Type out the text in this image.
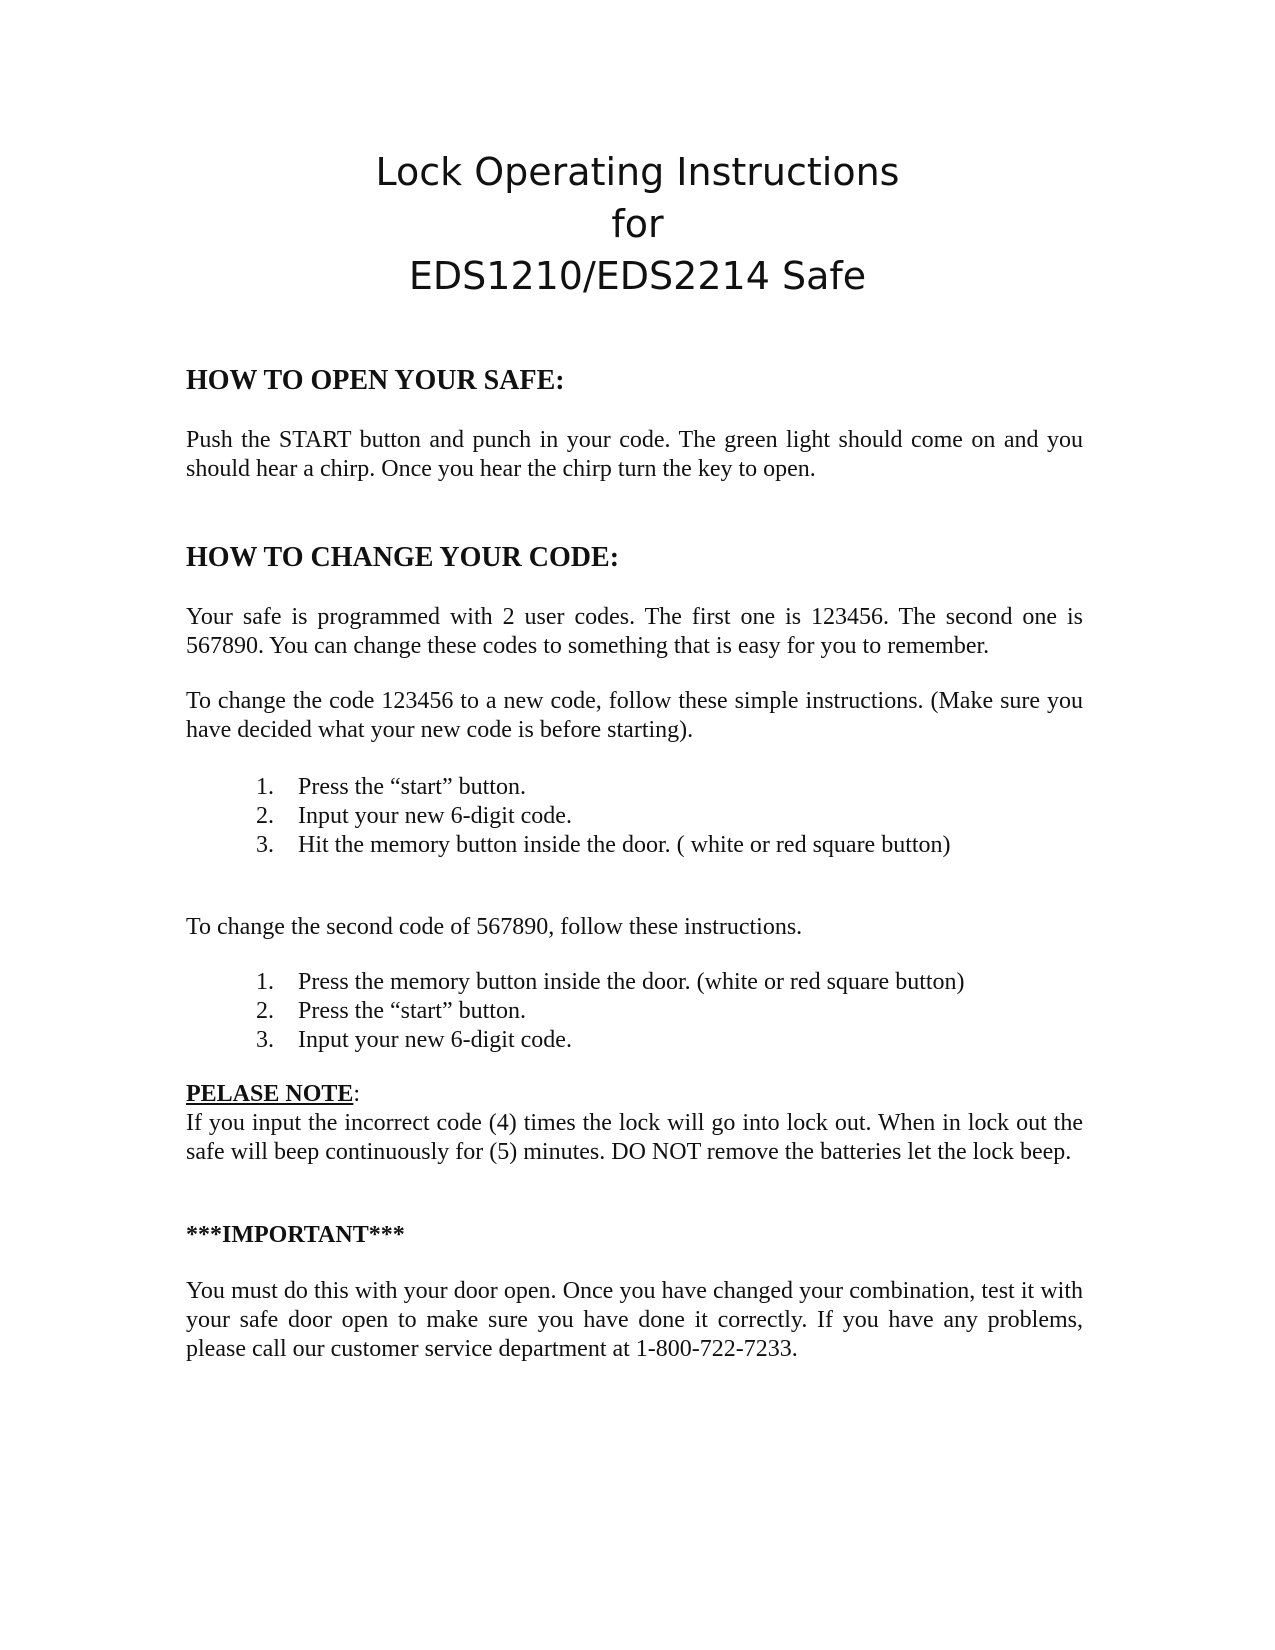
Lock Operating Instructions
for
EDS1210/EDS2214 Safe
HOW TO OPEN YOUR SAFE:

Push the START button and punch in your code. The green light should come on and you should hear a chirp. Once you hear the chirp turn the key to open.

HOW TO CHANGE YOUR CODE:

Your safe is programmed with 2 user codes. The first one is 123456. The second one is 567890. You can change these codes to something that is easy for you to remember.

To change the code 123456 to a new code, follow these simple instructions. (Make sure you have decided what your new code is before starting).

1. Press the “start” button.
2. Input your new 6-digit code.
3. Hit the memory button inside the door. ( white or red square button)

To change the second code of 567890, follow these instructions.

1. Press the memory button inside the door. (white or red square button)
2. Press the “start” button.
3. Input your new 6-digit code.
PELASE NOTE:

If you input the incorrect code (4) times the lock will go into lock out. When in lock out the safe will beep continuously for (5) minutes. DO NOT remove the batteries let the lock beep.

***IMPORTANT***

You must do this with your door open. Once you have changed your combination, test it with your safe door open to make sure you have done it correctly. If you have any problems, please call our customer service department at 1-800-722-7233.
